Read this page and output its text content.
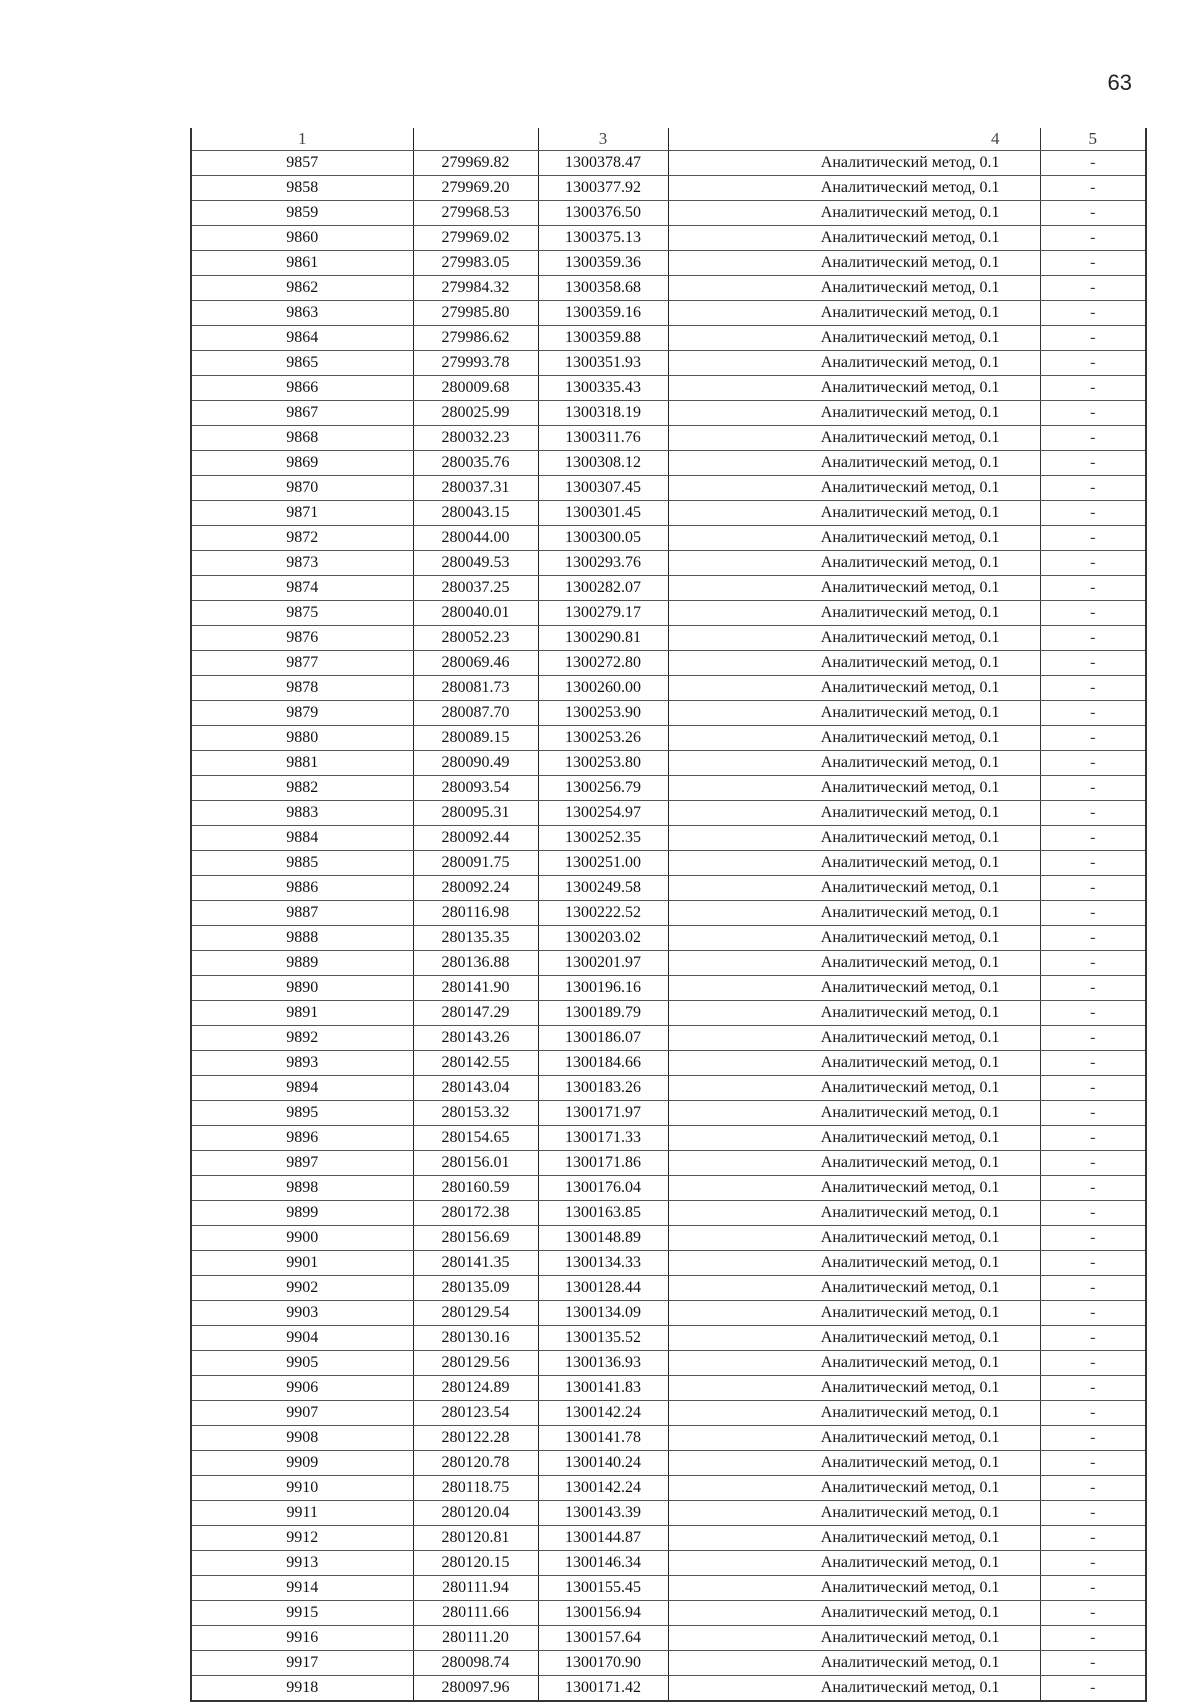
63
1		3	4	5
9857	279969.82	1300378.47	Аналитический метод, 0.1	-
9858	279969.20	1300377.92	Аналитический метод, 0.1	-
9859	279968.53	1300376.50	Аналитический метод, 0.1	-
9860	279969.02	1300375.13	Аналитический метод, 0.1	-
9861	279983.05	1300359.36	Аналитический метод, 0.1	-
9862	279984.32	1300358.68	Аналитический метод, 0.1	-
9863	279985.80	1300359.16	Аналитический метод, 0.1	-
9864	279986.62	1300359.88	Аналитический метод, 0.1	-
9865	279993.78	1300351.93	Аналитический метод, 0.1	-
9866	280009.68	1300335.43	Аналитический метод, 0.1	-
9867	280025.99	1300318.19	Аналитический метод, 0.1	-
9868	280032.23	1300311.76	Аналитический метод, 0.1	-
9869	280035.76	1300308.12	Аналитический метод, 0.1	-
9870	280037.31	1300307.45	Аналитический метод, 0.1	-
9871	280043.15	1300301.45	Аналитический метод, 0.1	-
9872	280044.00	1300300.05	Аналитический метод, 0.1	-
9873	280049.53	1300293.76	Аналитический метод, 0.1	-
9874	280037.25	1300282.07	Аналитический метод, 0.1	-
9875	280040.01	1300279.17	Аналитический метод, 0.1	-
9876	280052.23	1300290.81	Аналитический метод, 0.1	-
9877	280069.46	1300272.80	Аналитический метод, 0.1	-
9878	280081.73	1300260.00	Аналитический метод, 0.1	-
9879	280087.70	1300253.90	Аналитический метод, 0.1	-
9880	280089.15	1300253.26	Аналитический метод, 0.1	-
9881	280090.49	1300253.80	Аналитический метод, 0.1	-
9882	280093.54	1300256.79	Аналитический метод, 0.1	-
9883	280095.31	1300254.97	Аналитический метод, 0.1	-
9884	280092.44	1300252.35	Аналитический метод, 0.1	-
9885	280091.75	1300251.00	Аналитический метод, 0.1	-
9886	280092.24	1300249.58	Аналитический метод, 0.1	-
9887	280116.98	1300222.52	Аналитический метод, 0.1	-
9888	280135.35	1300203.02	Аналитический метод, 0.1	-
9889	280136.88	1300201.97	Аналитический метод, 0.1	-
9890	280141.90	1300196.16	Аналитический метод, 0.1	-
9891	280147.29	1300189.79	Аналитический метод, 0.1	-
9892	280143.26	1300186.07	Аналитический метод, 0.1	-
9893	280142.55	1300184.66	Аналитический метод, 0.1	-
9894	280143.04	1300183.26	Аналитический метод, 0.1	-
9895	280153.32	1300171.97	Аналитический метод, 0.1	-
9896	280154.65	1300171.33	Аналитический метод, 0.1	-
9897	280156.01	1300171.86	Аналитический метод, 0.1	-
9898	280160.59	1300176.04	Аналитический метод, 0.1	-
9899	280172.38	1300163.85	Аналитический метод, 0.1	-
9900	280156.69	1300148.89	Аналитический метод, 0.1	-
9901	280141.35	1300134.33	Аналитический метод, 0.1	-
9902	280135.09	1300128.44	Аналитический метод, 0.1	-
9903	280129.54	1300134.09	Аналитический метод, 0.1	-
9904	280130.16	1300135.52	Аналитический метод, 0.1	-
9905	280129.56	1300136.93	Аналитический метод, 0.1	-
9906	280124.89	1300141.83	Аналитический метод, 0.1	-
9907	280123.54	1300142.24	Аналитический метод, 0.1	-
9908	280122.28	1300141.78	Аналитический метод, 0.1	-
9909	280120.78	1300140.24	Аналитический метод, 0.1	-
9910	280118.75	1300142.24	Аналитический метод, 0.1	-
9911	280120.04	1300143.39	Аналитический метод, 0.1	-
9912	280120.81	1300144.87	Аналитический метод, 0.1	-
9913	280120.15	1300146.34	Аналитический метод, 0.1	-
9914	280111.94	1300155.45	Аналитический метод, 0.1	-
9915	280111.66	1300156.94	Аналитический метод, 0.1	-
9916	280111.20	1300157.64	Аналитический метод, 0.1	-
9917	280098.74	1300170.90	Аналитический метод, 0.1	-
9918	280097.96	1300171.42	Аналитический метод, 0.1	-
